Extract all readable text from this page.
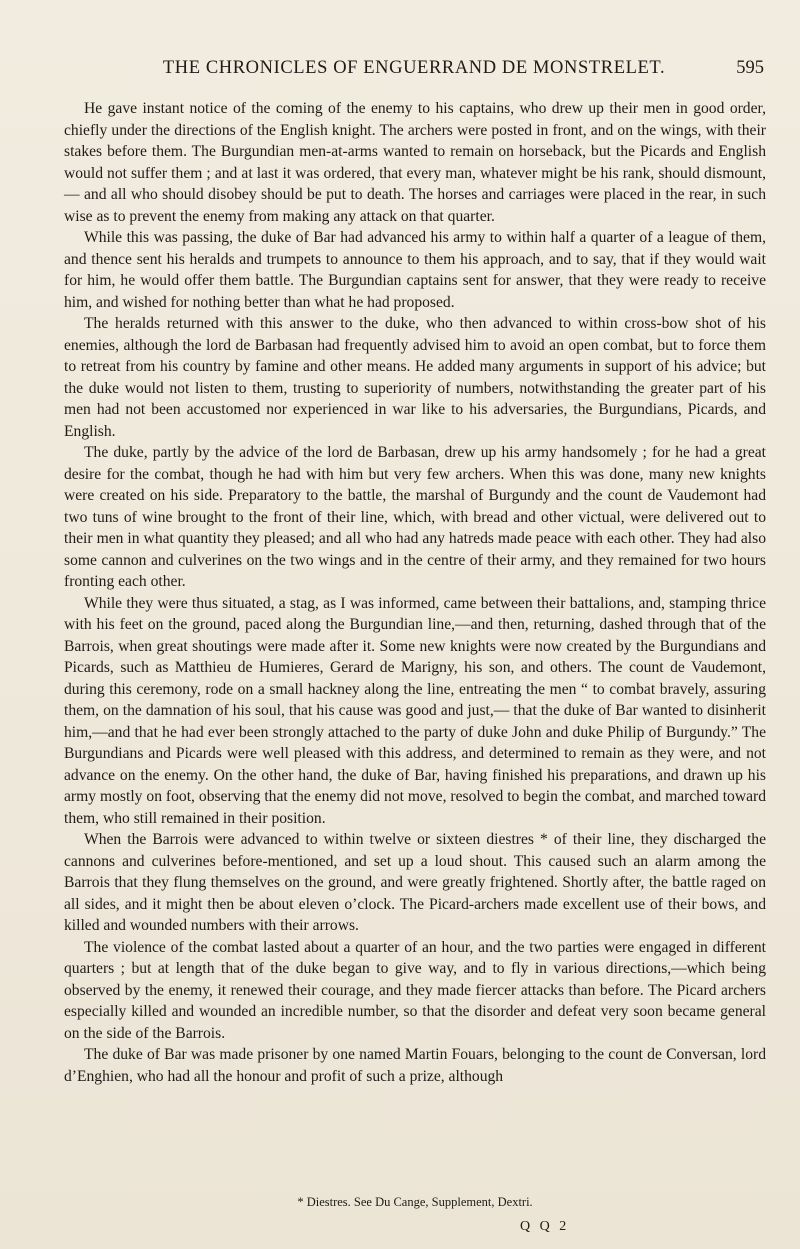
THE CHRONICLES OF ENGUERRAND DE MONSTRELET.	595

He gave instant notice of the coming of the enemy to his captains, who drew up their men in good order, chiefly under the directions of the English knight. The archers were posted in front, and on the wings, with their stakes before them. The Burgundian men-at-arms wanted to remain on horseback, but the Picards and English would not suffer them ; and at last it was ordered, that every man, whatever might be his rank, should dismount,— and all who should disobey should be put to death. The horses and carriages were placed in the rear, in such wise as to prevent the enemy from making any attack on that quarter.

While this was passing, the duke of Bar had advanced his army to within half a quarter of a league of them, and thence sent his heralds and trumpets to announce to them his approach, and to say, that if they would wait for him, he would offer them battle. The Burgundian captains sent for answer, that they were ready to receive him, and wished for nothing better than what he had proposed.

The heralds returned with this answer to the duke, who then advanced to within cross-bow shot of his enemies, although the lord de Barbasan had frequently advised him to avoid an open combat, but to force them to retreat from his country by famine and other means. He added many arguments in support of his advice; but the duke would not listen to them, trusting to superiority of numbers, notwithstanding the greater part of his men had not been accustomed nor experienced in war like to his adversaries, the Burgundians, Picards, and English.

The duke, partly by the advice of the lord de Barbasan, drew up his army handsomely ; for he had a great desire for the combat, though he had with him but very few archers. When this was done, many new knights were created on his side. Preparatory to the battle, the marshal of Burgundy and the count de Vaudemont had two tuns of wine brought to the front of their line, which, with bread and other victual, were delivered out to their men in what quantity they pleased; and all who had any hatreds made peace with each other. They had also some cannon and culverines on the two wings and in the centre of their army, and they remained for two hours fronting each other.

While they were thus situated, a stag, as I was informed, came between their battalions, and, stamping thrice with his feet on the ground, paced along the Burgundian line,—and then, returning, dashed through that of the Barrois, when great shoutings were made after it. Some new knights were now created by the Burgundians and Picards, such as Matthieu de Humieres, Gerard de Marigny, his son, and others. The count de Vaudemont, during this ceremony, rode on a small hackney along the line, entreating the men “ to combat bravely, assuring them, on the damnation of his soul, that his cause was good and just,— that the duke of Bar wanted to disinherit him,—and that he had ever been strongly attached to the party of duke John and duke Philip of Burgundy.” The Burgundians and Picards were well pleased with this address, and determined to remain as they were, and not advance on the enemy. On the other hand, the duke of Bar, having finished his preparations, and drawn up his army mostly on foot, observing that the enemy did not move, resolved to begin the combat, and marched toward them, who still remained in their position.

When the Barrois were advanced to within twelve or sixteen diestres * of their line, they discharged the cannons and culverines before-mentioned, and set up a loud shout. This caused such an alarm among the Barrois that they flung themselves on the ground, and were greatly frightened. Shortly after, the battle raged on all sides, and it might then be about eleven o’clock. The Picard-archers made excellent use of their bows, and killed and wounded numbers with their arrows.

The violence of the combat lasted about a quarter of an hour, and the two parties were engaged in different quarters ; but at length that of the duke began to give way, and to fly in various directions,—which being observed by the enemy, it renewed their courage, and they made fiercer attacks than before. The Picard archers especially killed and wounded an incredible number, so that the disorder and defeat very soon became general on the side of the Barrois.

The duke of Bar was made prisoner by one named Martin Fouars, belonging to the count de Conversan, lord d’Enghien, who had all the honour and profit of such a prize, although

* Diestres. See Du Cange, Supplement, Dextri.
Q Q 2
